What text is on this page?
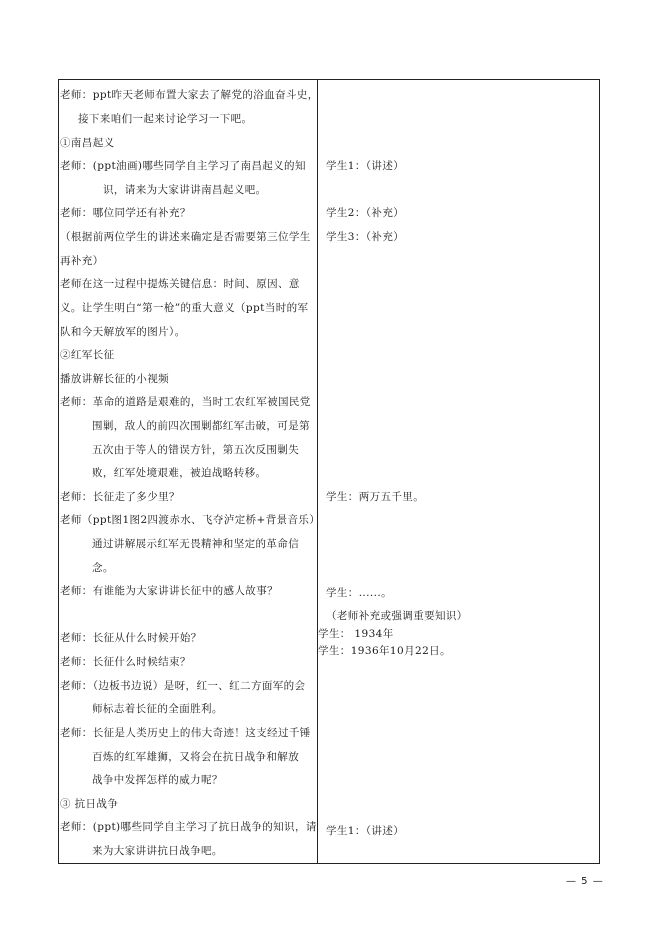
老师：ppt昨天老师布置大家去了解党的浴血奋斗史，
接下来咱们一起来讨论学习一下吧。
①南昌起义
老师：(ppt油画)哪些同学自主学习了南昌起义的知
识，请来为大家讲讲南昌起义吧。
老师：哪位同学还有补充？
（根据前两位学生的讲述来确定是否需要第三位学生
再补充）
老师在这一过程中提炼关键信息：时间、原因、意
义。让学生明白“第一枪”的重大意义（ppt当时的军
队和今天解放军的图片）。
②红军长征
播放讲解长征的小视频
老师：革命的道路是艰难的，当时工农红军被国民党
围剿，敌人的前四次围剿都红军击破，可是第
五次由于等人的错误方针，第五次反围剿失
败，红军处境艰难，被迫战略转移。
老师：长征走了多少里？
老师（ppt图1图2四渡赤水、飞夺泸定桥+背景音乐）
通过讲解展示红军无畏精神和坚定的革命信
念。
老师：有谁能为大家讲讲长征中的感人故事？
老师：长征从什么时候开始？
老师：长征什么时候结束？
老师：（边板书边说）是呀，红一、红二方面军的会
师标志着长征的全面胜利。
老师：长征是人类历史上的伟大奇迹！这支经过千锤
百炼的红军雄狮，又将会在抗日战争和解放
战争中发挥怎样的威力呢？
③ 抗日战争
老师：(ppt)哪些同学自主学习了抗日战争的知识，请
来为大家讲讲抗日战争吧。
学生1：（讲述）
学生2：（补充）
学生3：（补充）
学生：两万五千里。
学生：......。
（老师补充或强调重要知识）
学生： 1934年
学生：1936年10月22日。
学生1：（讲述）
— 5 —
